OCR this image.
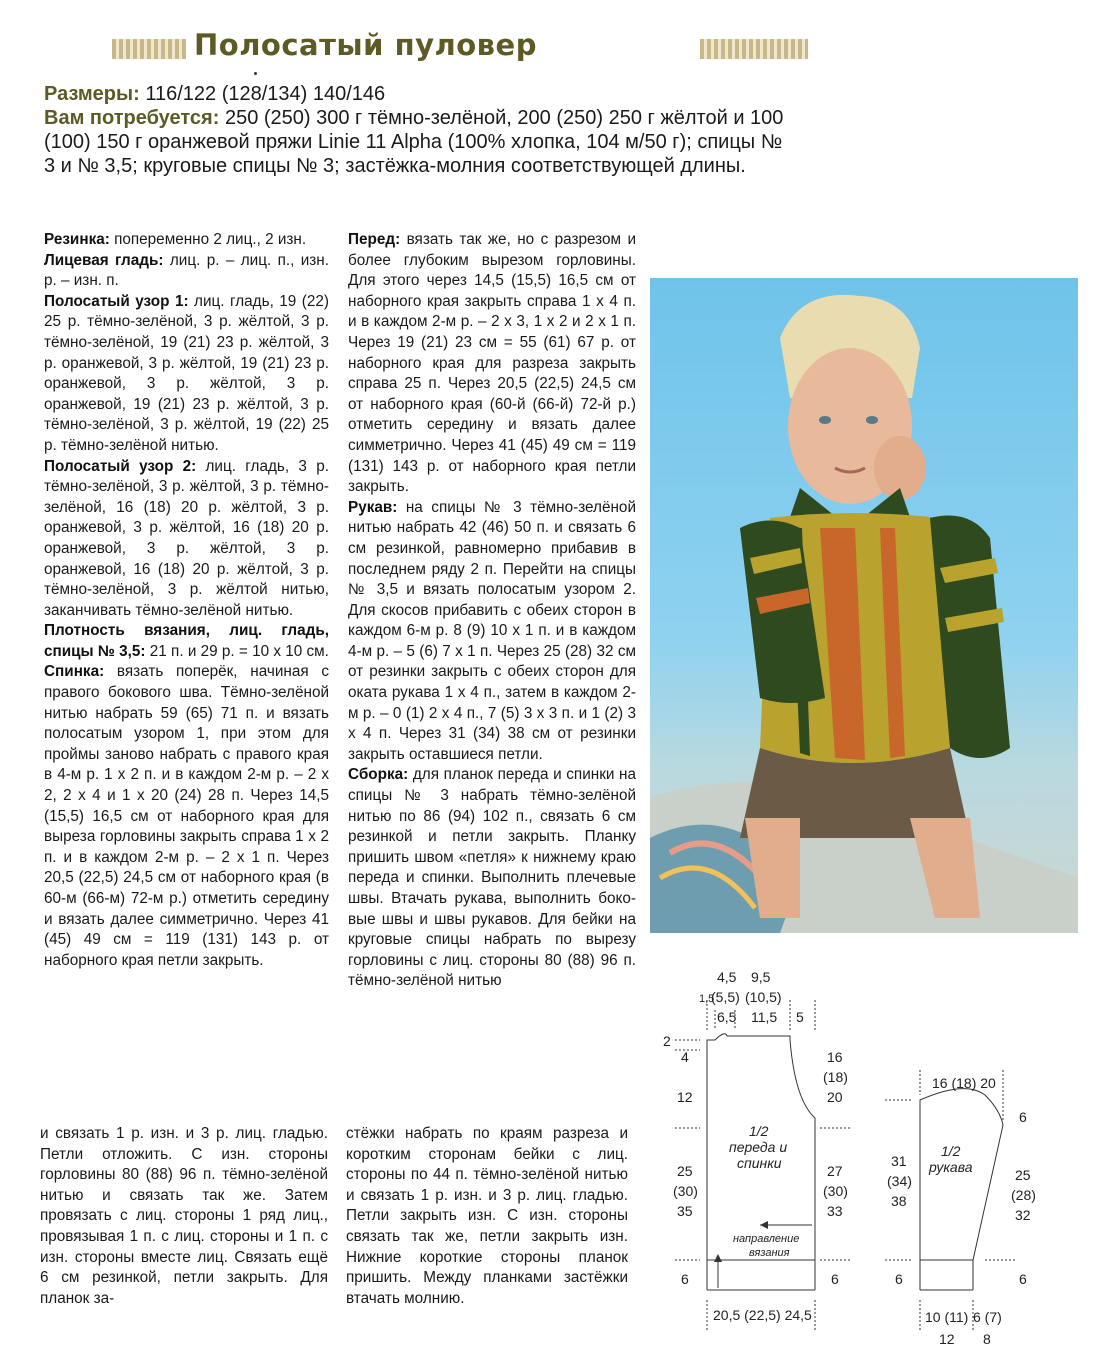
Полосатый пуловер
Размеры: 116/122 (128/134) 140/146
Вам потребуется: 250 (250) 300 г тёмно-зелёной, 200 (250) 250 г жёлтой и 100 (100) 150 г оранжевой пряжи Linie 11 Alpha (100% хлопка, 104 м/50 г); спицы № 3 и № 3,5; круговые спицы № 3; застёжка-молния соответствующей длины.

Резинка: попеременно 2 лиц., 2 изн.

Лицевая гладь: лиц. р. – лиц. п., изн. р. – изн. п.

Полосатый узор 1: лиц. гладь, 19 (22) 25 р. тёмно-зелёной, 3 р. жёлтой, 3 р. тёмно-зелёной, 19 (21) 23 р. жёлтой, 3 р. оранжевой, 3 р. жёлтой, 19 (21) 23 р. оранжевой, 3 р. жёлтой, 3 р. оранжевой, 19 (21) 23 р. жёлтой, 3 р. тёмно-зелёной, 3 р. жёлтой, 19 (22) 25 р. тёмно-зелёной нитью.

Полосатый узор 2: лиц. гладь, 3 р. тёмно-зелёной, 3 р. жёлтой, 3 р. тёмно-зелёной, 16 (18) 20 р. жёлтой, 3 р. оранжевой, 3 р. жёлтой, 16 (18) 20 р. оранжевой, 3 р. жёлтой, 3 р. оранжевой, 16 (18) 20 р. жёлтой, 3 р. тёмно-зелёной, 3 р. жёлтой нитью, заканчивать тёмно-зелёной нитью.

Плотность вязания, лиц. гладь, спицы № 3,5: 21 п. и 29 р. = 10 х 10 см.

Спинка: вязать поперёк, начиная с правого бокового шва. Тёмно-зелёной нитью набрать 59 (65) 71 п. и вязать полосатым узором 1, при этом для проймы заново набрать с правого края в 4-м р. 1 х 2 п. и в каждом 2-м р. – 2 х 2, 2 х 4 и 1 х 20 (24) 28 п. Через 14,5 (15,5) 16,5 см от наборного края для выреза горловины закрыть справа 1 х 2 п. и в каждом 2-м р. – 2 х 1 п. Через 20,5 (22,5) 24,5 см от наборного края (в 60-м (66-м) 72-м р.) отметить середину и вязать далее симметрично. Через 41 (45) 49 см = 119 (131) 143 р. от наборного края петли закрыть.

Перед: вязать так же, но с разрезом и более глубоким вырезом горловины. Для этого через 14,5 (15,5) 16,5 см от наборного края закрыть справа 1 х 4 п. и в каждом 2-м р. – 2 х 3, 1 х 2 и 2 х 1 п. Через 19 (21) 23 см = 55 (61) 67 р. от наборного края для разреза закрыть справа 25 п. Через 20,5 (22,5) 24,5 см от наборного края (60-й (66-й) 72-й р.) отметить середину и вязать далее симметрично. Через 41 (45) 49 см = 119 (131) 143 р. от наборного края петли закрыть.

Рукав: на спицы № 3 тёмно-зелёной нитью набрать 42 (46) 50 п. и связать 6 см резинкой, равномерно прибавив в последнем ряду 2 п. Перейти на спицы № 3,5 и вязать полосатым узором 2. Для скосов прибавить с обеих сторон в каждом 6-м р. 8 (9) 10 х 1 п. и в каждом 4-м р. – 5 (6) 7 х 1 п. Через 25 (28) 32 см от резинки закрыть с обеих сторон для оката рукава 1 х 4 п., затем в каждом 2-м р. – 0 (1) 2 х 4 п., 7 (5) 3 х 3 п. и 1 (2) 3 х 4 п. Через 31 (34) 38 см от резинки закрыть оставшиеся петли.

Сборка: для планок переда и спинки на спицы № 3 набрать тёмно-зелёной нитью по 86 (94) 102 п., связать 6 см резинкой и петли закрыть. Планку пришить швом «петля» к нижнему краю переда и спинки. Выполнить плечевые швы. Втачать рукава, выполнить боковые швы и швы рукавов. Для бейки на круговые спицы набрать по вырезу горловины с лиц. стороны 80 (88) 96 п. тёмно-зелёной нитью

и связать 1 р. изн. и 3 р. лиц. гладью. Петли отложить. С изн. стороны горловины 80 (88) 96 п. тёмно-зелёной нитью и связать так же. Затем провязать с лиц. стороны 1 ряд лиц., провязывая 1 п. с лиц. стороны и 1 п. с изн. стороны вместе лиц. Связать ещё 6 см резинкой, петли закрыть. Для планок за-

стёжки набрать по краям разреза и коротким сторонам бейки с лиц. стороны по 44 п. тёмно-зелёной нитью и связать 1 р. изн. и 3 р. лиц. гладью. Петли закрыть изн. С изн. стороны связать так же, петли закрыть изн. Нижние короткие стороны планок пришить. Между планками застёжки втачать молнию.

4,5 9,5
1,5
(5,5) (10,5)
6,5 11,5 5
2
4
12
25
(30)
35
6
16
(18)
20
27
(30)
33
6
1/2
переда и
спинки
направление
вязания
20,5 (22,5) 24,5
16 (18) 20
6
31
(34)
38
25
(28)
32
1/2
рукава
6	6
10 (11) 6 (7)
12 8
